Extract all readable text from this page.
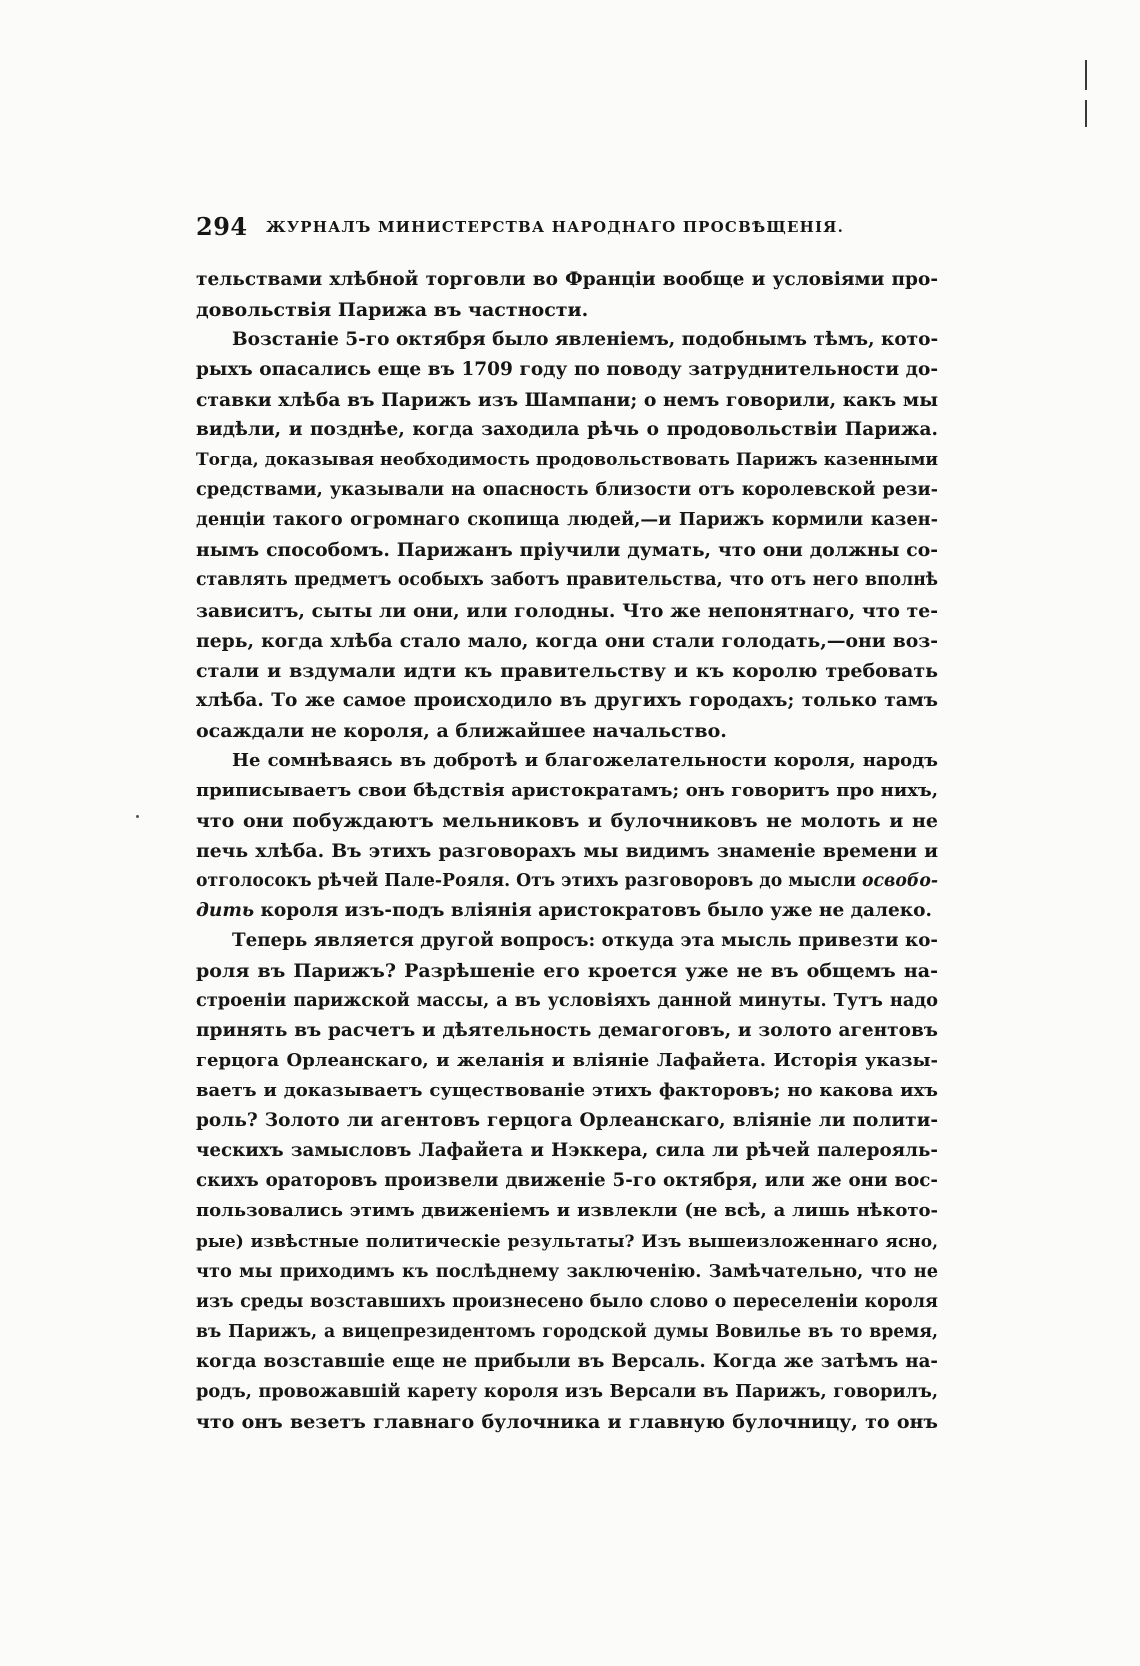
294 ЖУРНАЛЪ МИНИСТЕРСТВА НАРОДНАГО ПРОСВѢЩЕНІЯ.
тельствами хлѣбной торговли во Франціи вообще и условіями про-
довольствія Парижа въ частности.
Возстаніе 5-го октября было явленіемъ, подобнымъ тѣмъ, кото-
рыхъ опасались еще въ 1709 году по поводу затруднительности до-
ставки хлѣба въ Парижъ изъ Шампани; о немъ говорили, какъ мы
видѣли, и позднѣе, когда заходила рѣчь о продовольствіи Парижа.
Тогда, доказывая необходимость продовольствовать Парижъ казенными
средствами, указывали на опасность близости отъ королевской рези-
денціи такого огромнаго скопища людей,—и Парижъ кормили казен-
нымъ способомъ. Парижанъ пріучили думать, что они должны со-
ставлять предметъ особыхъ заботъ правительства, что отъ него вполнѣ
зависитъ, сыты ли они, или голодны. Что же непонятнаго, что те-
перь, когда хлѣба стало мало, когда они стали голодать,—они воз-
стали и вздумали идти къ правительству и къ королю требовать
хлѣба. То же самое происходило въ другихъ городахъ; только тамъ
осаждали не короля, а ближайшее начальство.
Не сомнѣваясь въ добротѣ и благожелательности короля, народъ
приписываетъ свои бѣдствія аристократамъ; онъ говоритъ про нихъ,
что они побуждаютъ мельниковъ и булочниковъ не молоть и не
печь хлѣба. Въ этихъ разговорахъ мы видимъ знаменіе времени и
отголосокъ рѣчей Пале-Рояля. Отъ этихъ разговоровъ до мысли освобо-
дить короля изъ-подъ вліянія аристократовъ было уже не далеко.
Теперь является другой вопросъ: откуда эта мысль привезти ко-
роля въ Парижъ? Разрѣшеніе его кроется уже не въ общемъ на-
строеніи парижской массы, а въ условіяхъ данной минуты. Тутъ надо
принять въ расчетъ и дѣятельность демагоговъ, и золото агентовъ
герцога Орлеанскаго, и желанія и вліяніе Лафайета. Исторія указы-
ваетъ и доказываетъ существованіе этихъ факторовъ; но какова ихъ
роль? Золото ли агентовъ герцога Орлеанскаго, вліяніе ли полити-
ческихъ замысловъ Лафайета и Нэккера, сила ли рѣчей палерояль-
скихъ ораторовъ произвели движеніе 5-го октября, или же они вос-
пользовались этимъ движеніемъ и извлекли (не всѣ, а лишь нѣкото-
рые) извѣстные политическіе результаты? Изъ вышеизложеннаго ясно,
что мы приходимъ къ послѣднему заключенію. Замѣчательно, что не
изъ среды возставшихъ произнесено было слово о переселеніи короля
въ Парижъ, а вицепрезидентомъ городской думы Вовилье въ то время,
когда возставшіе еще не прибыли въ Версаль. Когда же затѣмъ на-
родъ, провожавшій карету короля изъ Версали въ Парижъ, говорилъ,
что онъ везетъ главнаго булочника и главную булочницу, то онъ
